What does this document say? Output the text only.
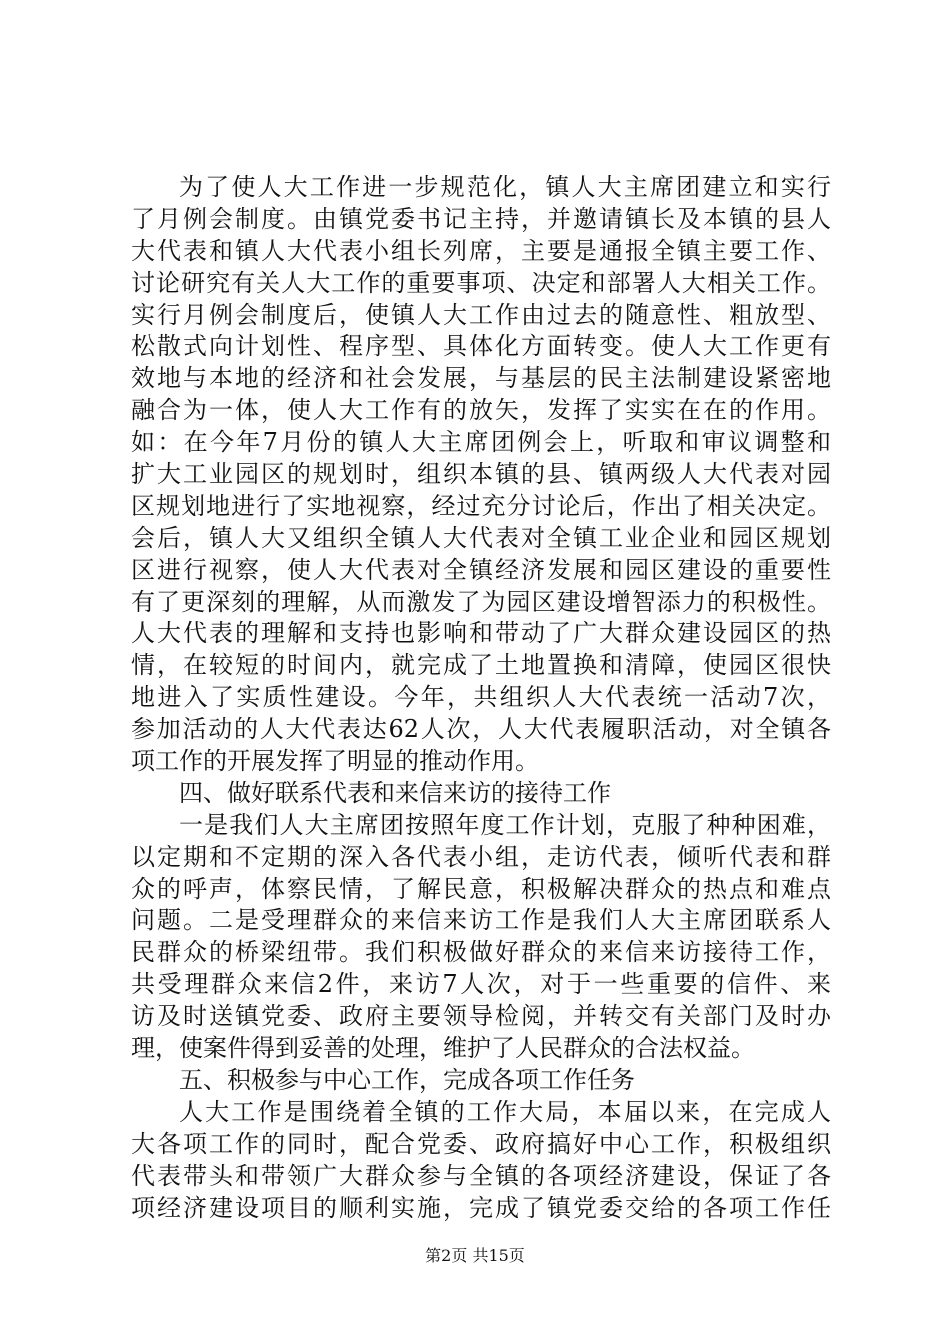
为了使人大工作进一步规范化，镇人大主席团建立和实行
了月例会制度。由镇党委书记主持，并邀请镇长及本镇的县人
大代表和镇人大代表小组长列席，主要是通报全镇主要工作、
讨论研究有关人大工作的重要事项、决定和部署人大相关工作。
实行月例会制度后，使镇人大工作由过去的随意性、粗放型、
松散式向计划性、程序型、具体化方面转变。使人大工作更有
效地与本地的经济和社会发展，与基层的民主法制建设紧密地
融合为一体，使人大工作有的放矢，发挥了实实在在的作用。
如：在今年7月份的镇人大主席团例会上，听取和审议调整和
扩大工业园区的规划时，组织本镇的县、镇两级人大代表对园
区规划地进行了实地视察，经过充分讨论后，作出了相关决定。
会后，镇人大又组织全镇人大代表对全镇工业企业和园区规划
区进行视察，使人大代表对全镇经济发展和园区建设的重要性
有了更深刻的理解，从而激发了为园区建设增智添力的积极性。
人大代表的理解和支持也影响和带动了广大群众建设园区的热
情，在较短的时间内，就完成了土地置换和清障，使园区很快
地进入了实质性建设。今年，共组织人大代表统一活动7次，
参加活动的人大代表达62人次，人大代表履职活动，对全镇各
项工作的开展发挥了明显的推动作用。
四、做好联系代表和来信来访的接待工作
一是我们人大主席团按照年度工作计划，克服了种种困难，
以定期和不定期的深入各代表小组，走访代表，倾听代表和群
众的呼声，体察民情，了解民意，积极解决群众的热点和难点
问题。二是受理群众的来信来访工作是我们人大主席团联系人
民群众的桥梁纽带。我们积极做好群众的来信来访接待工作，
共受理群众来信2件，来访7人次，对于一些重要的信件、来
访及时送镇党委、政府主要领导检阅，并转交有关部门及时办
理，使案件得到妥善的处理，维护了人民群众的合法权益。
五、积极参与中心工作，完成各项工作任务
人大工作是围绕着全镇的工作大局，本届以来，在完成人
大各项工作的同时，配合党委、政府搞好中心工作，积极组织
代表带头和带领广大群众参与全镇的各项经济建设，保证了各
项经济建设项目的顺利实施，完成了镇党委交给的各项工作任
第2页 共15页
